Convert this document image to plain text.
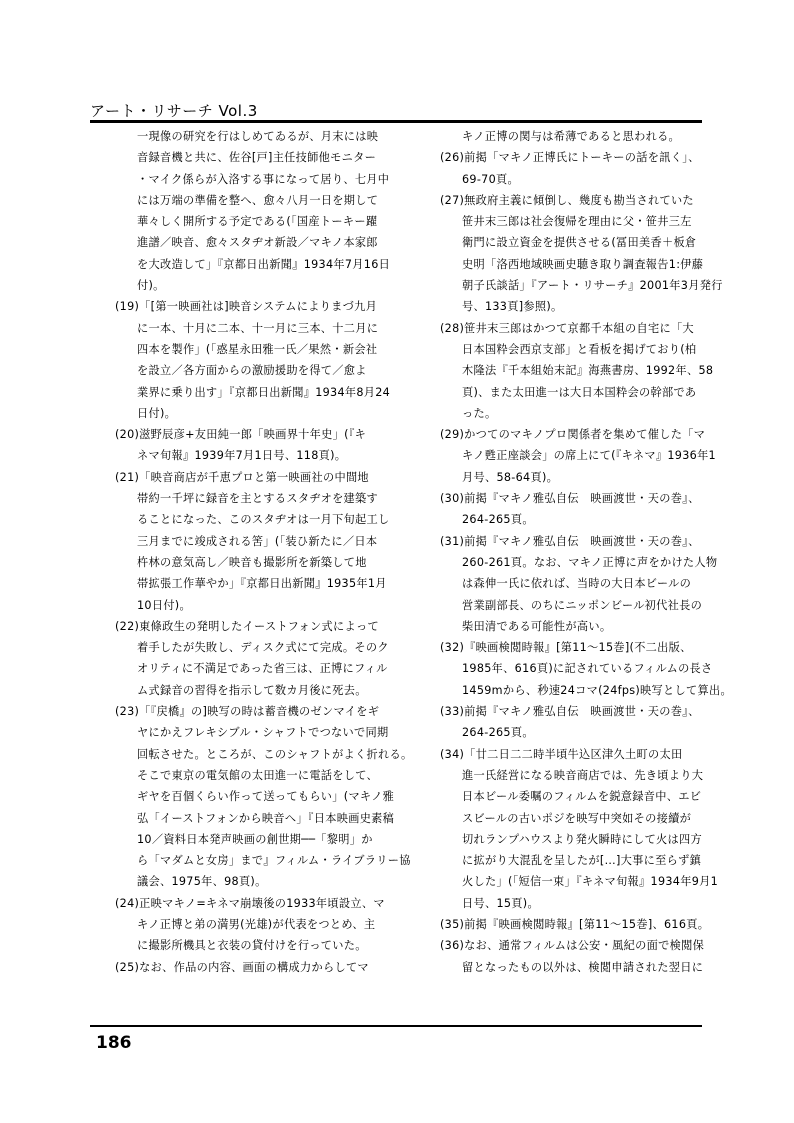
アート・リサーチ Vol.3
一現像の研究を行はしめてゐるが、月末には映
音録音機と共に、佐谷[戸]主任技師他モニター
・マイク係らが入洛する事になって居り、七月中
には万端の準備を整へ、愈々八月一日を期して
華々しく開所する予定である(「国産トーキー躍
進譜／映音、愈々スタヂオ新設／マキノ本家郎
を大改造して」『京都日出新聞』1934年7月16日
付)。
(19)「[第一映画社は]映音システムによりまづ九月
に一本、十月に二本、十一月に三本、十二月に
四本を製作」(「惑星永田雅一氏／果然・新会社
を設立／各方面からの激励援助を得て／愈よ
業界に乗り出す」『京都日出新聞』1934年8月24
日付)。
(20)滋野辰彦+友田純一郎「映画界十年史」(『キ
ネマ旬報』1939年7月1日号、118頁)。
(21)「映音商店が千恵プロと第一映画社の中間地
帯約一千坪に録音を主とするスタヂオを建築す
ることになった、このスタヂオは一月下旬起工し
三月までに竣成される筈」(「装ひ新たに／日本
杵林の意気高し／映音も撮影所を新築して地
帯拡張工作華やか」『京都日出新聞』1935年1月
10日付)。
(22)東條政生の発明したイーストフォン式によって
着手したが失敗し、ディスク式にて完成。そのク
オリティに不満足であった省三は、正博にフィル
ム式録音の習得を指示して数カ月後に死去。
(23)「『戻橋』の]映写の時は蓄音機のゼンマイをギ
ヤにかえフレキシブル・シャフトでつないで同期
回転させた。ところが、このシャフトがよく折れる。
そこで東京の電気館の太田進一に電話をして、
ギヤを百個くらい作って送ってもらい」(マキノ雅
弘「イーストフォンから映音へ」『日本映画史素稿
10／資料日本発声映画の創世期──「黎明」か
ら「マダムと女房」まで』フィルム・ライブラリー協
議会、1975年、98頁)。
(24)正映マキノ=キネマ崩壊後の1933年頃設立、マ
キノ正博と弟の満男(光雄)が代表をつとめ、主
に撮影所機具と衣装の貸付けを行っていた。
(25)なお、作品の内容、画面の構成力からしてマ
キノ正博の関与は希薄であると思われる。
(26)前掲「マキノ正博氏にトーキーの話を訊く」、
69-70頁。
(27)無政府主義に傾倒し、幾度も勘当されていた
笹井末三郎は社会復帰を理由に父・笹井三左
衛門に設立資金を提供させる(冨田美香＋板倉
史明「洛西地域映画史聴き取り調査報告1:伊藤
朝子氏談話」『アート・リサーチ』2001年3月発行
号、133頁]参照)。
(28)笹井末三郎はかつて京都千本組の自宅に「大
日本国粋会西京支部」と看板を掲げており(柏
木隆法『千本組始末記』海燕書房、1992年、58
頁)、また太田進一は大日本国粋会の幹部であ
った。
(29)かつてのマキノプロ関係者を集めて催した「マ
キノ甦正座談会」の席上にて(『キネマ』1936年1
月号、58-64頁)。
(30)前掲『マキノ雅弘自伝　映画渡世・天の巻』、
264-265頁。
(31)前掲『マキノ雅弘自伝　映画渡世・天の巻』、
260-261頁。なお、マキノ正博に声をかけた人物
は森伸一氏に依れば、当時の大日本ビールの
営業副部長、のちにニッポンビール初代社長の
柴田清である可能性が高い。
(32)『映画検閲時報』[第11～15巻](不二出版、
1985年、616頁)に記されているフィルムの長さ
1459mから、秒速24コマ(24fps)映写として算出。
(33)前掲『マキノ雅弘自伝　映画渡世・天の巻』、
264-265頁。
(34)「廿二日二二時半頃牛込区津久土町の太田
進一氏経営になる映音商店では、先き頃より大
日本ビール委嘱のフィルムを鋭意録音中、エビ
スビールの古いポジを映写中突如その接續が
切れランプハウスより発火瞬時にして火は四方
に拡がり大混乱を呈したが[…]大事に至らず鎮
火した」(「短信一束」『キネマ旬報』1934年9月1
日号、15頁)。
(35)前掲『映画検閲時報』[第11～15巻]、616頁。
(36)なお、通常フィルムは公安・風紀の面で検閲保
留となったもの以外は、検閲申請された翌日に
186
